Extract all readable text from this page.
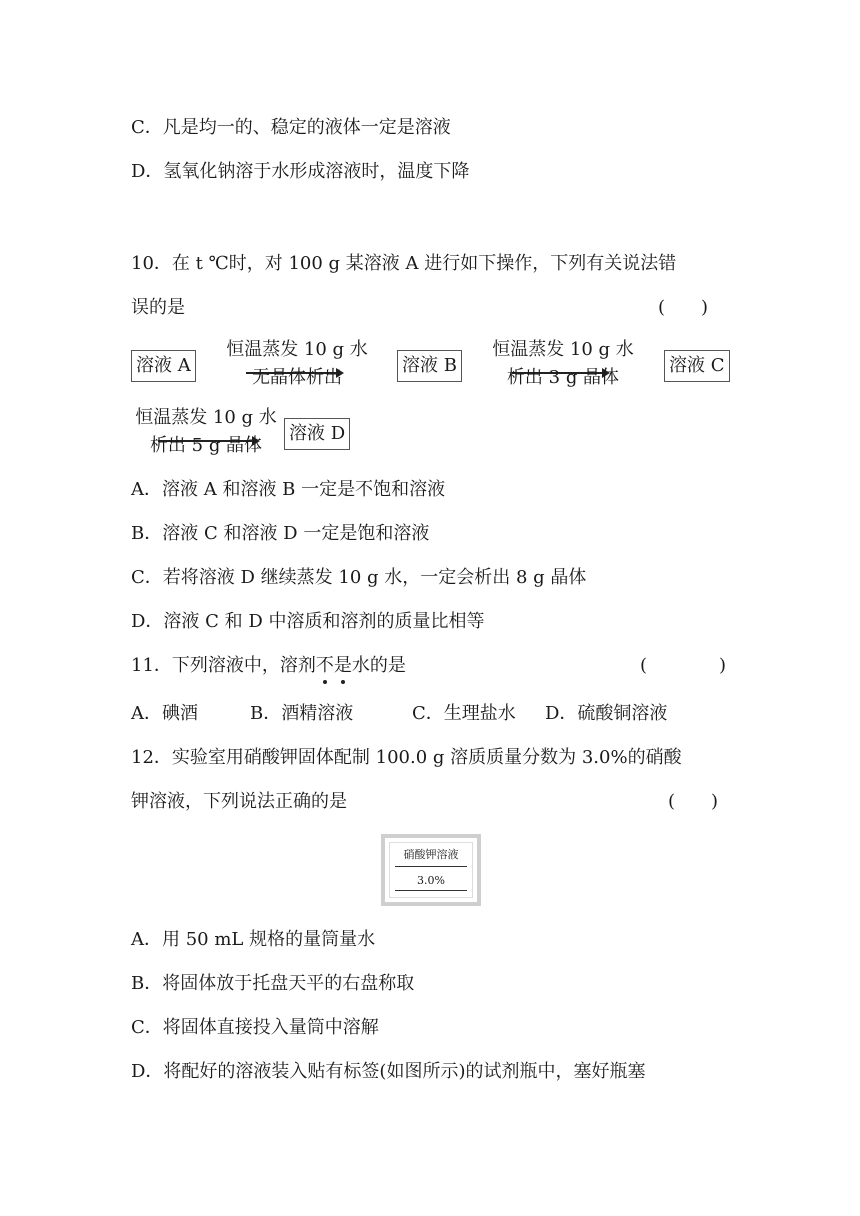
C．凡是均一的、稳定的液体一定是溶液
D．氢氧化钠溶于水形成溶液时，温度下降
10．在 t ℃时，对 100 g 某溶液 A 进行如下操作，下列有关说法错
误的是	(　　)
溶液 A
恒温蒸发 10 g 水
无晶体析出
溶液 B
恒温蒸发 10 g 水
析出 3 g 晶体
溶液 C
恒温蒸发 10 g 水
析出 5 g 晶体
溶液 D
A．溶液 A 和溶液 B 一定是不饱和溶液
B．溶液 C 和溶液 D 一定是饱和溶液
C．若将溶液 D 继续蒸发 10 g 水，一定会析出 8 g 晶体
D．溶液 C 和 D 中溶质和溶剂的质量比相等
11．下列溶液中，溶剂不是水的是	(　　　　)
A．碘酒	B．酒精溶液	C．生理盐水 D．硫酸铜溶液
12．实验室用硝酸钾固体配制 100.0 g 溶质质量分数为 3.0%的硝酸
钾溶液，下列说法正确的是	(　　)
硝酸钾溶液
3.0%
A．用 50 mL 规格的量筒量水
B．将固体放于托盘天平的右盘称取
C．将固体直接投入量筒中溶解
D．将配好的溶液装入贴有标签(如图所示)的试剂瓶中，塞好瓶塞
